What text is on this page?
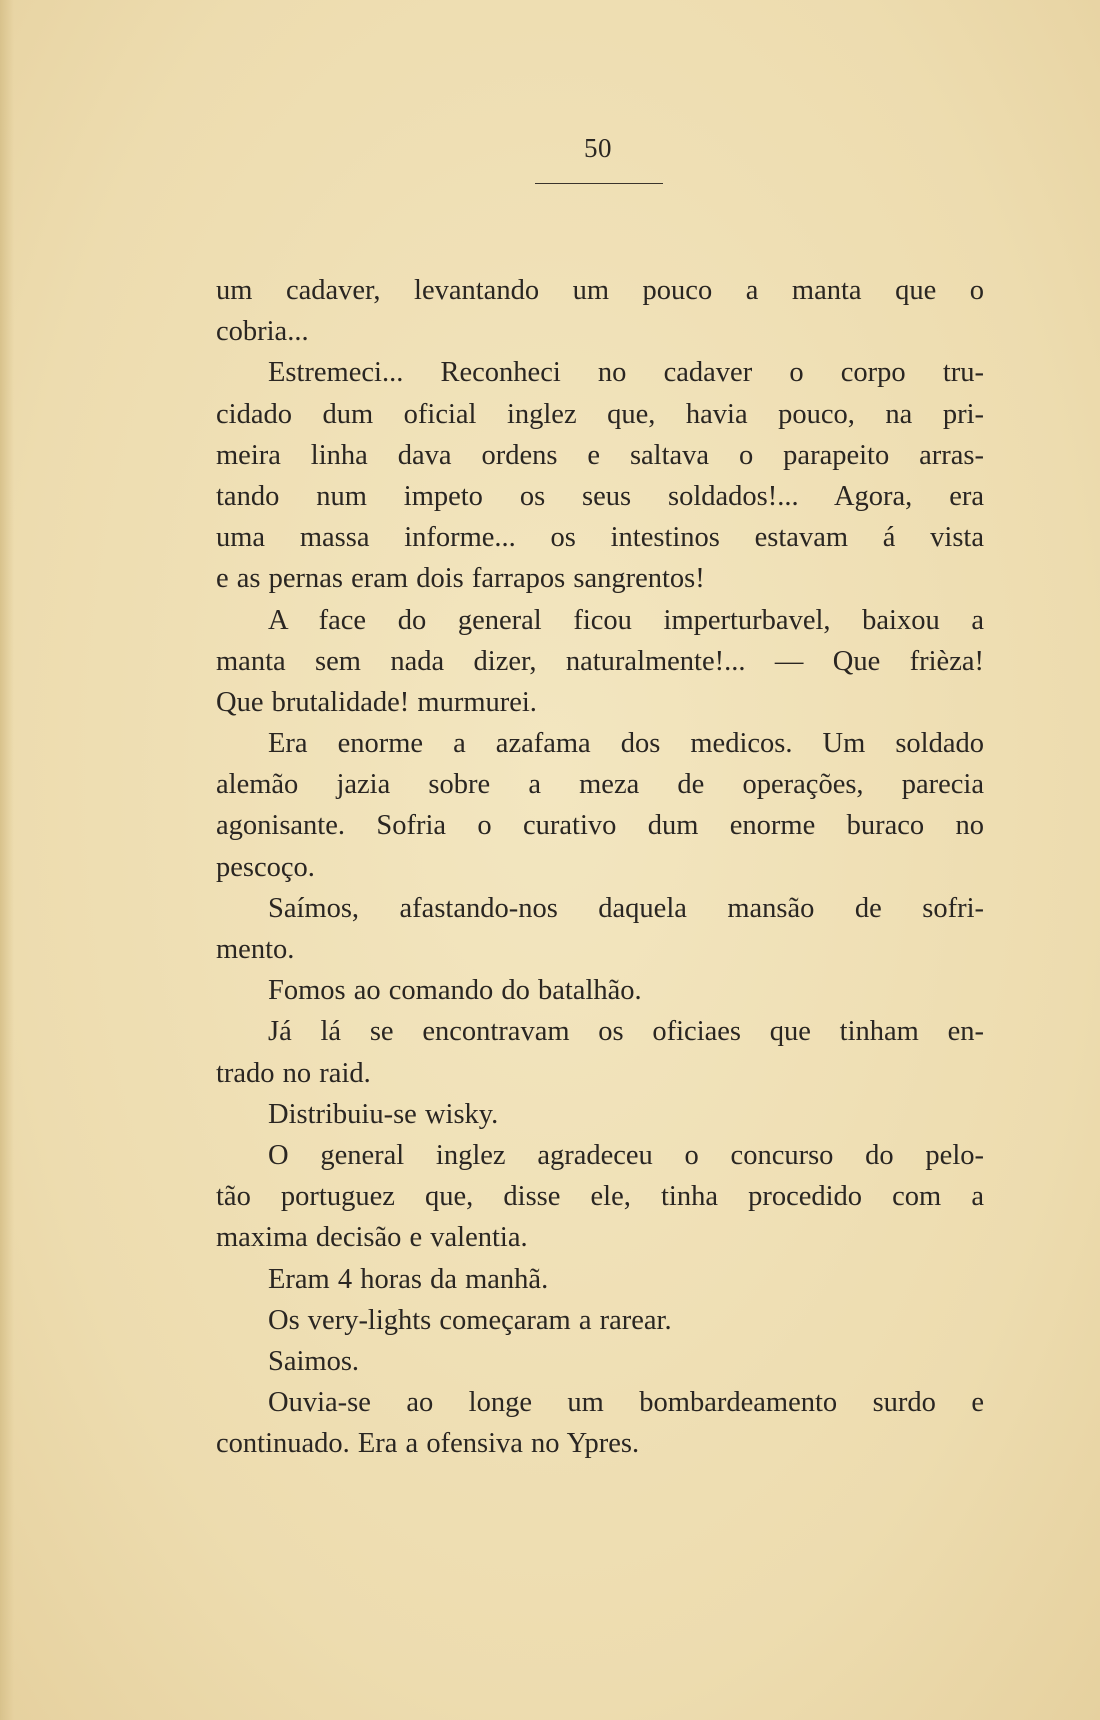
50
um cadaver, levantando um pouco a manta que o
cobria...
Estremeci... Reconheci no cadaver o corpo tru-
cidado dum oficial inglez que, havia pouco, na pri-
meira linha dava ordens e saltava o parapeito arras-
tando num impeto os seus soldados!... Agora, era
uma massa informe... os intestinos estavam á vista
e as pernas eram dois farrapos sangrentos!
A face do general ficou imperturbavel, baixou a
manta sem nada dizer, naturalmente!... — Que frièza!
Que brutalidade! murmurei.
Era enorme a azafama dos medicos. Um soldado
alemão jazia sobre a meza de operações, parecia
agonisante. Sofria o curativo dum enorme buraco no
pescoço.
Saímos, afastando-nos daquela mansão de sofri-
mento.
Fomos ao comando do batalhão.
Já lá se encontravam os oficiaes que tinham en-
trado no raid.
Distribuiu-se wisky.
O general inglez agradeceu o concurso do pelo-
tão portuguez que, disse ele, tinha procedido com a
maxima decisão e valentia.
Eram 4 horas da manhã.
Os very-lights começaram a rarear.
Saimos.
Ouvia-se ao longe um bombardeamento surdo e
continuado. Era a ofensiva no Ypres.
